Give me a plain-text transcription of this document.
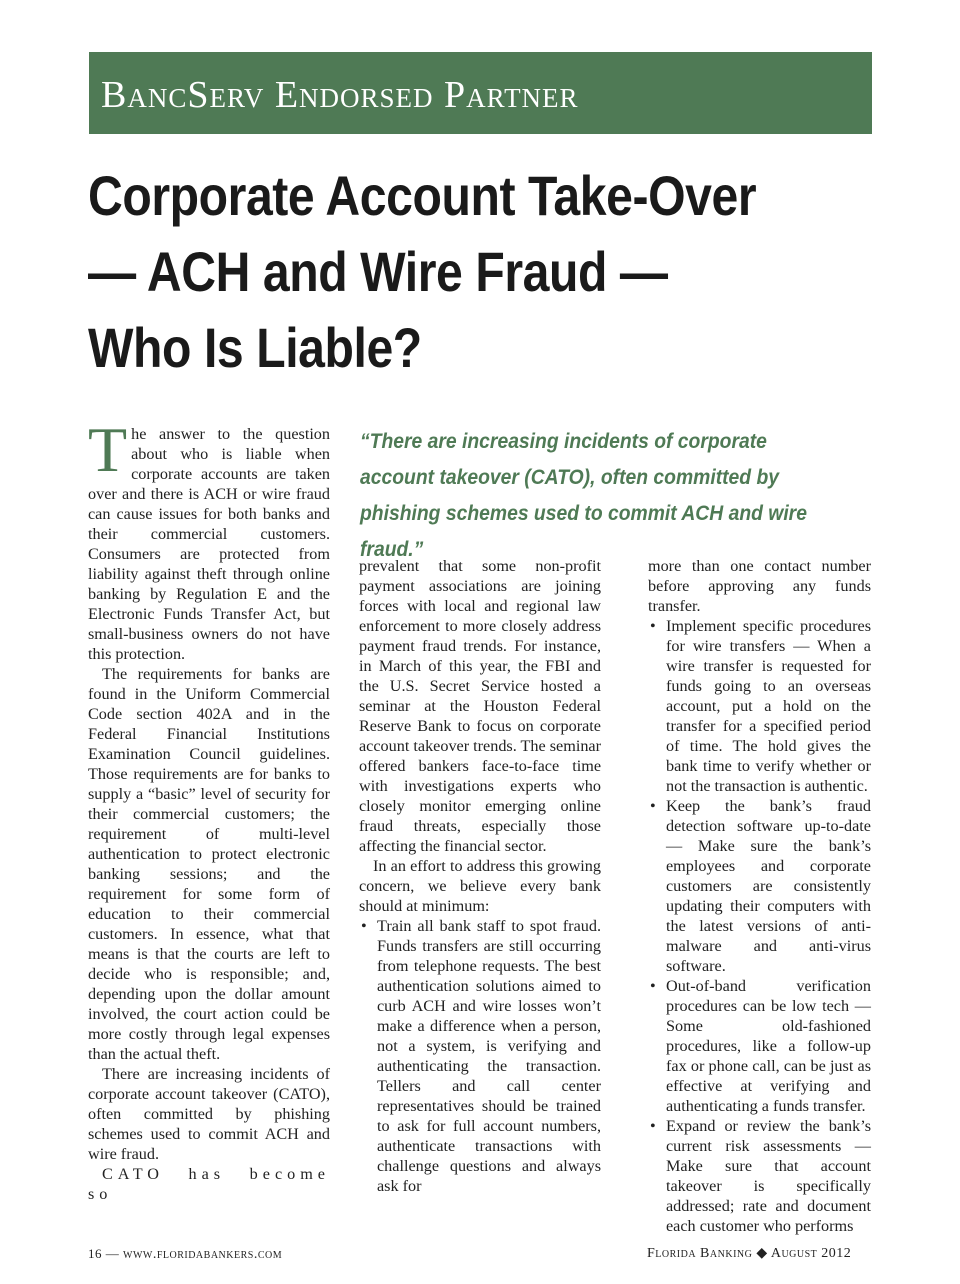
BancServ Endorsed Partner
Corporate Account Take-Over
— ACH and Wire Fraud —
Who Is Liable?
“There are increasing incidents of corporate account takeover (CATO), often committed by phishing schemes used to commit ACH and wire fraud.”

The answer to the question about who is liable when corporate accounts are taken over and there is ACH or wire fraud can cause issues for both banks and their commercial customers. Consumers are protected from liability against theft through online banking by Regulation E and the Electronic Funds Transfer Act, but small-business owners do not have this protection.

The requirements for banks are found in the Uniform Commercial Code section 402A and in the Federal Financial Institutions Examination Council guidelines. Those requirements are for banks to supply a “basic” level of security for their commercial customers; the requirement of multi-level authentication to protect electronic banking sessions; and the requirement for some form of education to their commercial customers. In essence, what that means is that the courts are left to decide who is responsible; and, depending upon the dollar amount involved, the court action could be more costly through legal expenses than the actual theft.

There are increasing incidents of corporate account takeover (CATO), often committed by phishing schemes used to commit ACH and wire fraud.

CATO has become so

prevalent that some non-profit payment associations are joining forces with local and regional law enforcement to more closely address payment fraud trends. For instance, in March of this year, the FBI and the U.S. Secret Service hosted a seminar at the Houston Federal Reserve Bank to focus on corporate account takeover trends. The seminar offered bankers face-to-face time with investigations experts who closely monitor emerging online fraud threats, especially those affecting the financial sector.

In an effort to address this growing concern, we believe every bank should at minimum:

• Train all bank staff to spot fraud. Funds transfers are still occurring from telephone requests. The best authentication solutions aimed to curb ACH and wire losses won’t make a difference when a person, not a system, is verifying and authenticating the transaction. Tellers and call center representatives should be trained to ask for full account numbers, authenticate transactions with challenge questions and always ask for

more than one contact number before approving any funds transfer.

• Implement specific procedures for wire transfers — When a wire transfer is requested for funds going to an overseas account, put a hold on the transfer for a specified period of time. The hold gives the bank time to verify whether or not the transaction is authentic.
• Keep the bank’s fraud detection software up-to-date — Make sure the bank’s employees and corporate customers are consistently updating their computers with the latest versions of anti-malware and anti-virus software.
• Out-of-band verification procedures can be low tech — Some old-fashioned procedures, like a follow-up fax or phone call, can be just as effective at verifying and authenticating a funds transfer.
• Expand or review the bank’s current risk assessments — Make sure that account takeover is specifically addressed; rate and document each customer who performs
16 — www.floridabankers.com	Florida Banking ◆ August 2012
